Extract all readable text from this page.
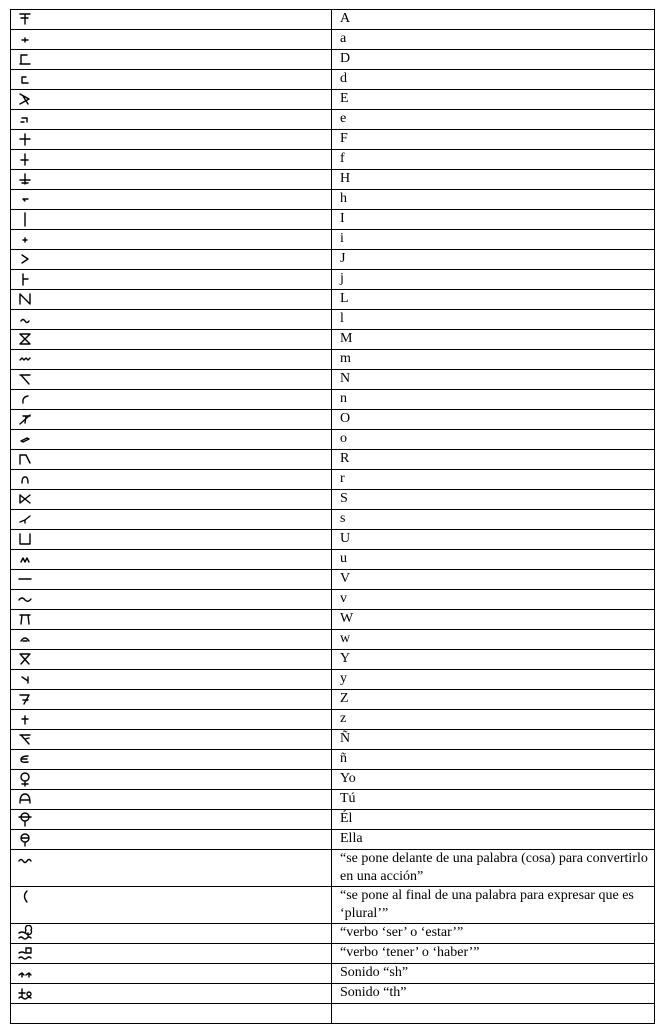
	A

	a

	D

	d

	E

	e

	F

	f

	H

	h

	I

	i

	J

	j

	L

	l

	M

	m

	N

	n

	O

	o

	R

	r

	S

	s

	U

	u

	V

	v

	W

	w

	Y

	y

	Z

	z

	Ñ

	ñ

	Yo

	Tú

	Él

	Ella

	“se pone delante de una palabra (cosa) para convertirlo en una acción”

	“se pone al final de una palabra para expresar que es ‘plural’”

	“verbo ‘ser’ o ‘estar’”

	“verbo ‘tener’ o ‘haber’”

	Sonido “sh”

	Sonido “th”
